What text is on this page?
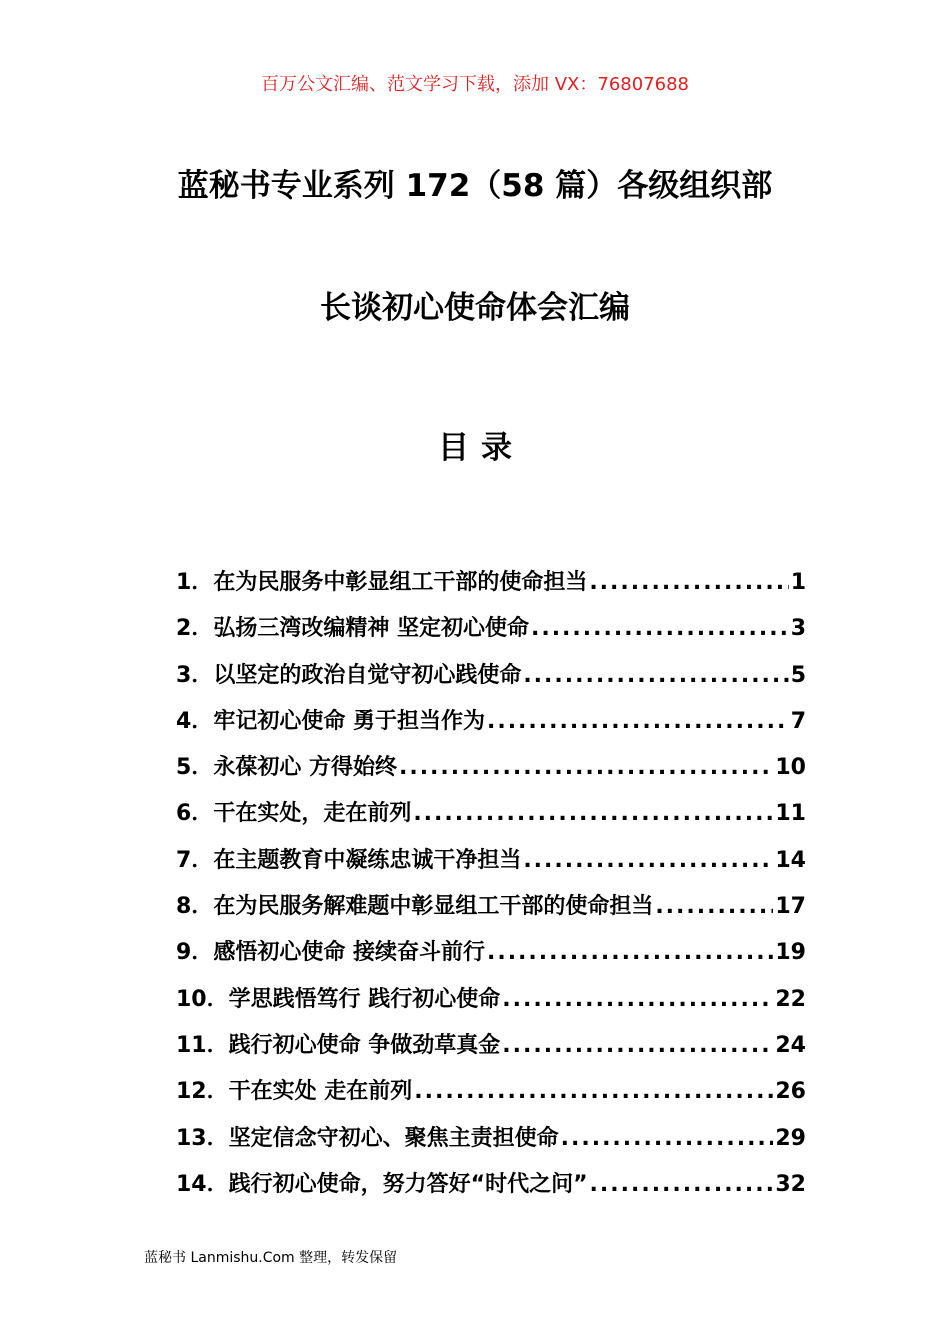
百万公文汇编、范文学习下载，添加 VX：76807688
蓝秘书专业系列 172（58 篇）各级组织部
长谈初心使命体会汇编
目录
1． 在为民服务中彰显组工干部的使命担当 .....	1
2． 弘扬三湾改编精神 坚定初心使命 .....	3
3． 以坚定的政治自觉守初心践使命 .....	5
4． 牢记初心使命 勇于担当作为 .....	7
5． 永葆初心 方得始终 .....	10
6． 干在实处，走在前列 .....	11
7． 在主题教育中凝练忠诚干净担当 .....	14
8． 在为民服务解难题中彰显组工干部的使命担当 .....	17
9． 感悟初心使命 接续奋斗前行 .....	19
10． 学思践悟笃行 践行初心使命 .....	22
11． 践行初心使命 争做劲草真金 .....	24
12． 干在实处 走在前列 .....	26
13． 坚定信念守初心、聚焦主责担使命 .....	29
14． 践行初心使命，努力答好“时代之问” .....	32
蓝秘书 Lanmishu.Com 整理，转发保留
